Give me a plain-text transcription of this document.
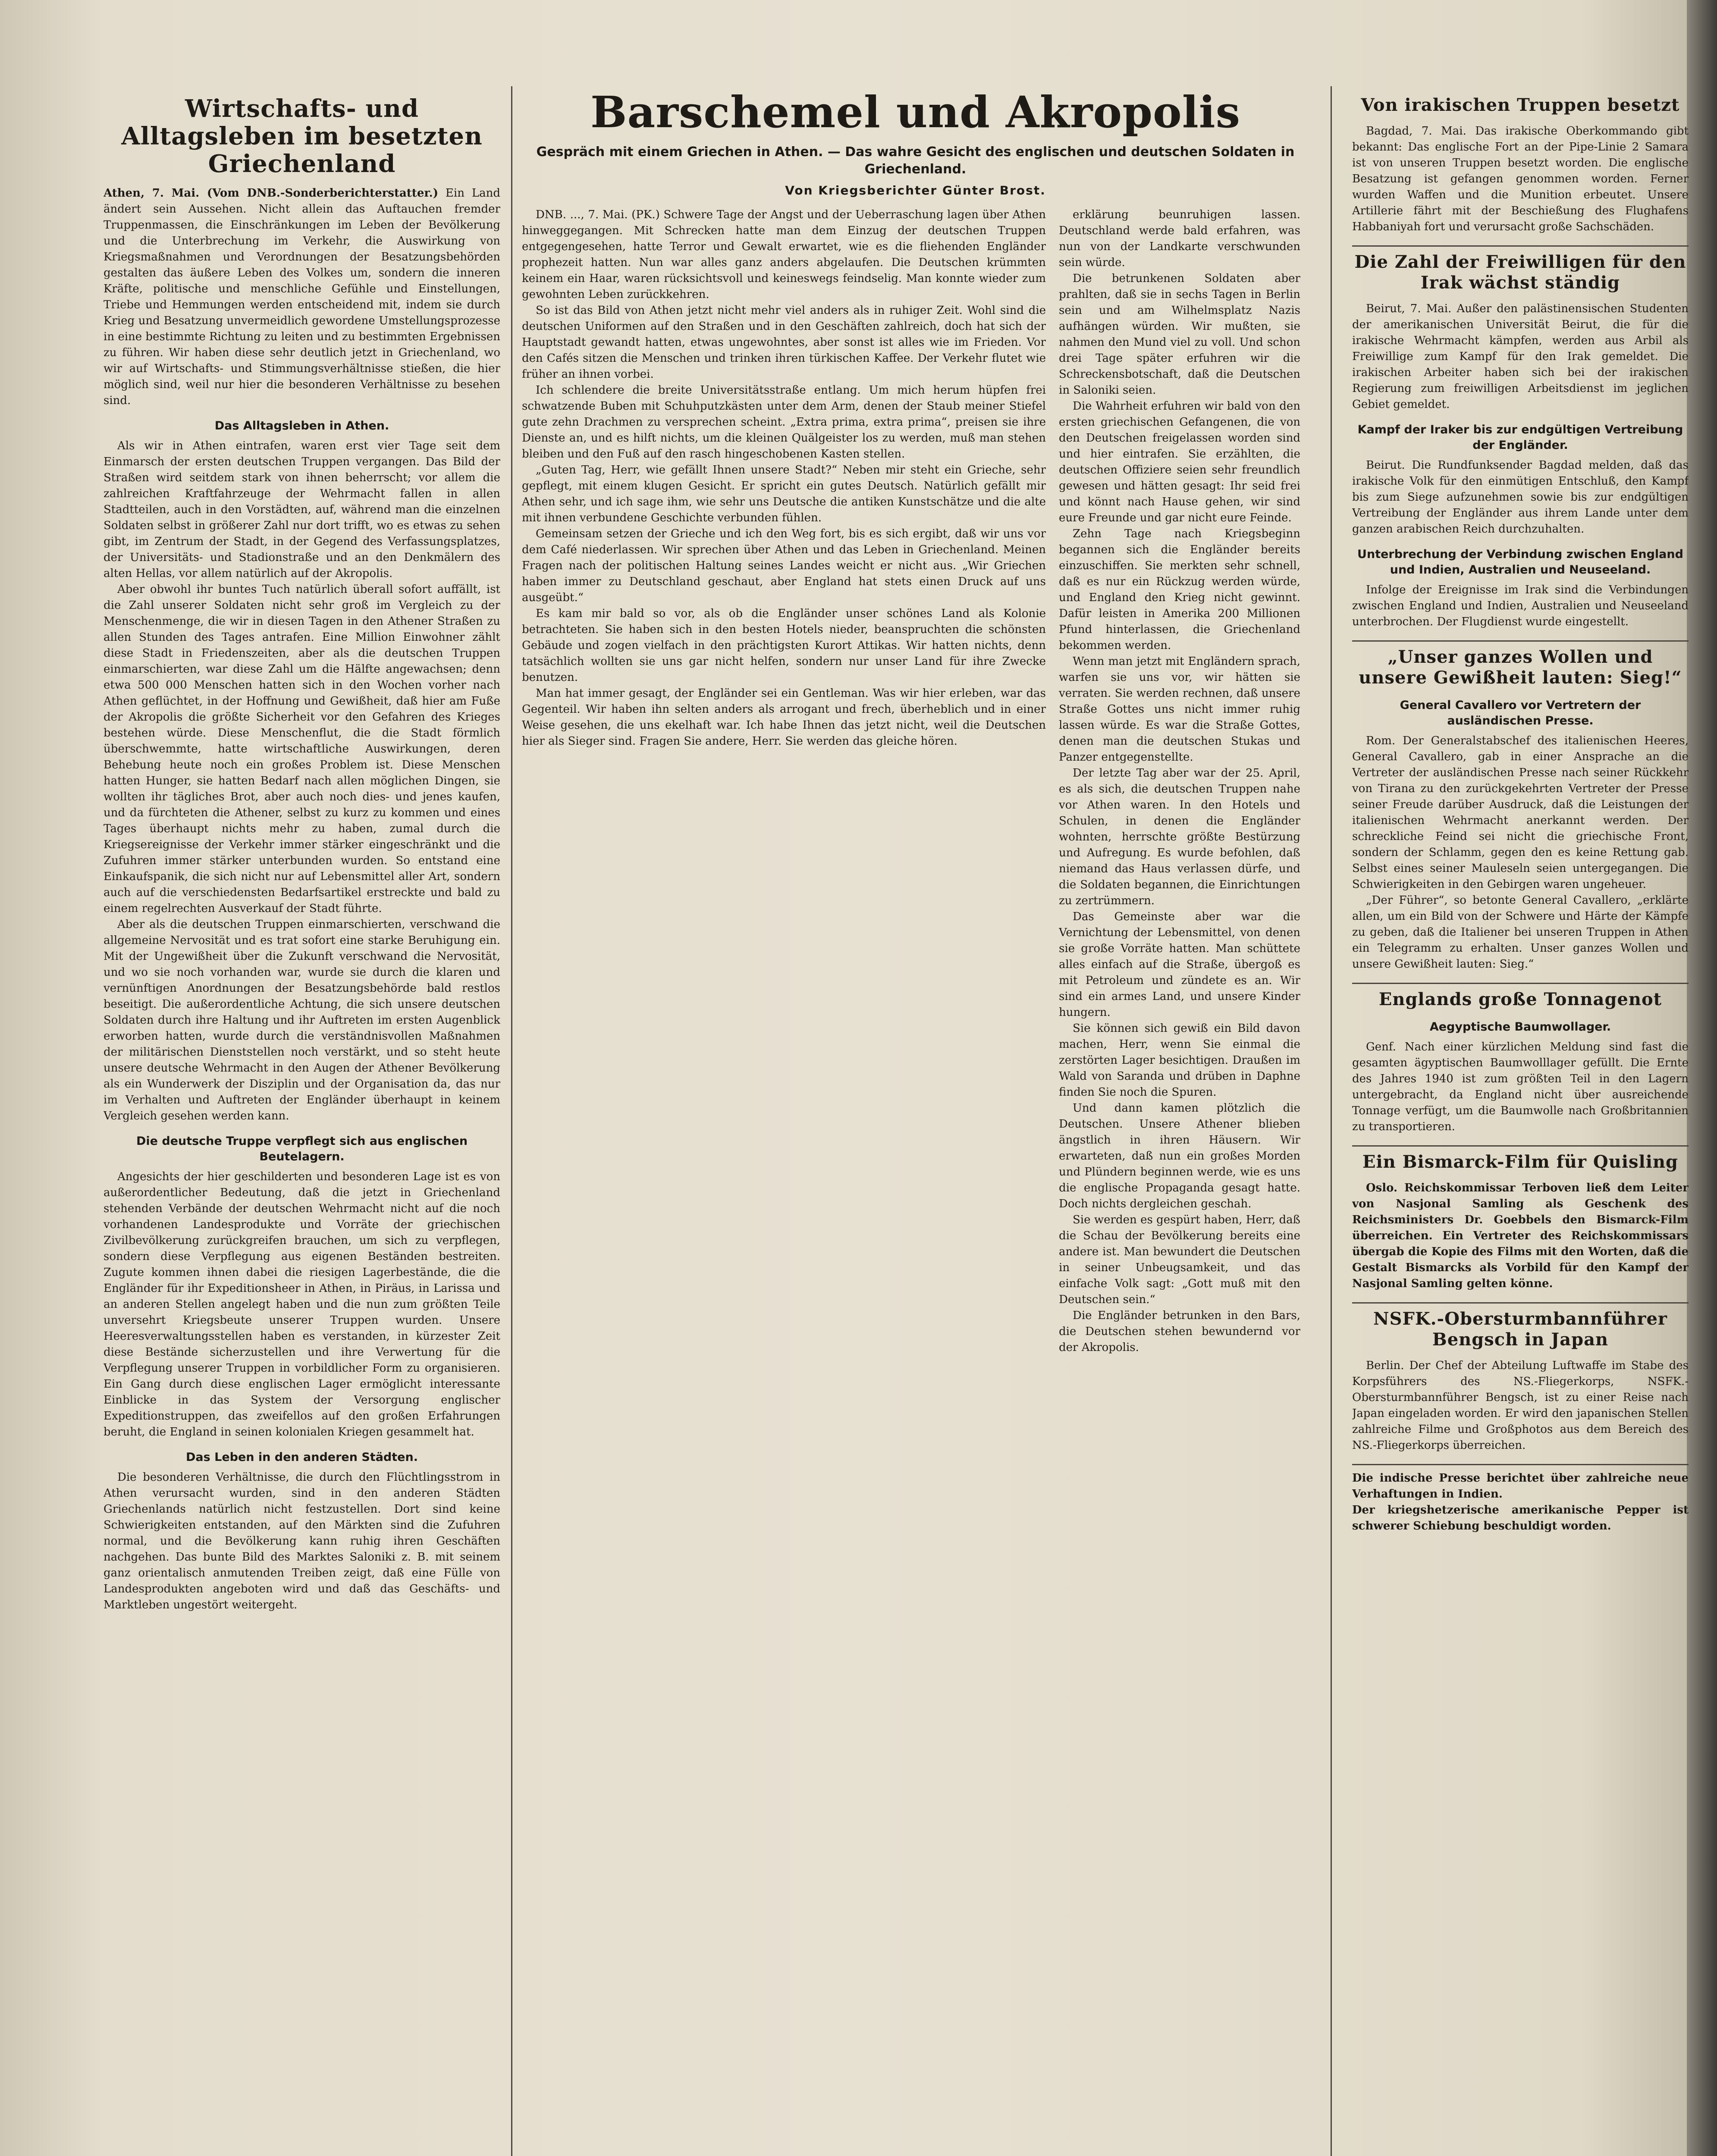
Wirtschafts- und Alltagsleben im besetzten Griechenland

Athen, 7. Mai. (Vom DNB.-Sonderberichterstatter.) Ein Land ändert sein Aussehen. Nicht allein das Auftauchen fremder Truppenmassen, die Einschränkungen im Leben der Bevölkerung und die Unterbrechung im Verkehr, die Auswirkung von Kriegsmaßnahmen und Verordnungen der Besatzungsbehörden gestalten das äußere Leben des Volkes um, sondern die inneren Kräfte, politische und menschliche Gefühle und Einstellungen, Triebe und Hemmungen werden entscheidend mit, indem sie durch Krieg und Besatzung unvermeidlich gewordene Umstellungsprozesse in eine bestimmte Richtung zu leiten und zu bestimmten Ergebnissen zu führen. Wir haben diese sehr deutlich jetzt in Griechenland, wo wir auf Wirtschafts- und Stimmungsverhältnisse stießen, die hier möglich sind, weil nur hier die besonderen Verhältnisse zu besehen sind.

Das Alltagsleben in Athen.

Als wir in Athen eintrafen, waren erst vier Tage seit dem Einmarsch der ersten deutschen Truppen vergangen. Das Bild der Straßen wird seitdem stark von ihnen beherrscht; vor allem die zahlreichen Kraftfahrzeuge der Wehrmacht fallen in allen Stadtteilen, auch in den Vorstädten, auf, während man die einzelnen Soldaten selbst in größerer Zahl nur dort trifft, wo es etwas zu sehen gibt, im Zentrum der Stadt, in der Gegend des Verfassungsplatzes, der Universitäts- und Stadionstraße und an den Denkmälern des alten Hellas, vor allem natürlich auf der Akropolis.

Aber obwohl ihr buntes Tuch natürlich überall sofort auffällt, ist die Zahl unserer Soldaten nicht sehr groß im Vergleich zu der Menschenmenge, die wir in diesen Tagen in den Athener Straßen zu allen Stunden des Tages antrafen. Eine Million Einwohner zählt diese Stadt in Friedenszeiten, aber als die deutschen Truppen einmarschierten, war diese Zahl um die Hälfte angewachsen; denn etwa 500 000 Menschen hatten sich in den Wochen vorher nach Athen geflüchtet, in der Hoffnung und Gewißheit, daß hier am Fuße der Akropolis die größte Sicherheit vor den Gefahren des Krieges bestehen würde. Diese Menschenflut, die die Stadt förmlich überschwemmte, hatte wirtschaftliche Auswirkungen, deren Behebung heute noch ein großes Problem ist. Diese Menschen hatten Hunger, sie hatten Bedarf nach allen möglichen Dingen, sie wollten ihr tägliches Brot, aber auch noch dies- und jenes kaufen, und da fürchteten die Athener, selbst zu kurz zu kommen und eines Tages überhaupt nichts mehr zu haben, zumal durch die Kriegsereignisse der Verkehr immer stärker eingeschränkt und die Zufuhren immer stärker unterbunden wurden. So entstand eine Einkaufspanik, die sich nicht nur auf Lebensmittel aller Art, sondern auch auf die verschiedensten Bedarfsartikel erstreckte und bald zu einem regelrechten Ausverkauf der Stadt führte.

Aber als die deutschen Truppen einmarschierten, verschwand die allgemeine Nervosität und es trat sofort eine starke Beruhigung ein. Mit der Ungewißheit über die Zukunft verschwand die Nervosität, und wo sie noch vorhanden war, wurde sie durch die klaren und vernünftigen Anordnungen der Besatzungsbehörde bald restlos beseitigt. Die außerordentliche Achtung, die sich unsere deutschen Soldaten durch ihre Haltung und ihr Auftreten im ersten Augenblick erworben hatten, wurde durch die verständnisvollen Maßnahmen der militärischen Dienststellen noch verstärkt, und so steht heute unsere deutsche Wehrmacht in den Augen der Athener Bevölkerung als ein Wunderwerk der Disziplin und der Organisation da, das nur im Verhalten und Auftreten der Engländer überhaupt in keinem Vergleich gesehen werden kann.

Die deutsche Truppe verpflegt sich aus englischen Beutelagern.

Angesichts der hier geschilderten und besonderen Lage ist es von außerordentlicher Bedeutung, daß die jetzt in Griechenland stehenden Verbände der deutschen Wehrmacht nicht auf die noch vorhandenen Landesprodukte und Vorräte der griechischen Zivilbevölkerung zurückgreifen brauchen, um sich zu verpflegen, sondern diese Verpflegung aus eigenen Beständen bestreiten. Zugute kommen ihnen dabei die riesigen Lagerbestände, die die Engländer für ihr Expeditionsheer in Athen, in Piräus, in Larissa und an anderen Stellen angelegt haben und die nun zum größten Teile unversehrt Kriegsbeute unserer Truppen wurden. Unsere Heeresverwaltungsstellen haben es verstanden, in kürzester Zeit diese Bestände sicherzustellen und ihre Verwertung für die Verpflegung unserer Truppen in vorbildlicher Form zu organisieren. Ein Gang durch diese englischen Lager ermöglicht interessante Einblicke in das System der Versorgung englischer Expeditionstruppen, das zweifellos auf den großen Erfahrungen beruht, die England in seinen kolonialen Kriegen gesammelt hat.

Das Leben in den anderen Städten.

Die besonderen Verhältnisse, die durch den Flüchtlingsstrom in Athen verursacht wurden, sind in den anderen Städten Griechenlands natürlich nicht festzustellen. Dort sind keine Schwierigkeiten entstanden, auf den Märkten sind die Zufuhren normal, und die Bevölkerung kann ruhig ihren Geschäften nachgehen. Das bunte Bild des Marktes Saloniki z. B. mit seinem ganz orientalisch anmutenden Treiben zeigt, daß eine Fülle von Landesprodukten angeboten wird und daß das Geschäfts- und Marktleben ungestört weitergeht.

Barschemel und Akropolis
Gespräch mit einem Griechen in Athen. — Das wahre Gesicht des englischen und deutschen Soldaten in Griechenland.
Von Kriegsberichter Günter Brost.

DNB. ..., 7. Mai. (PK.) Schwere Tage der Angst und der Ueberraschung lagen über Athen hinweggegangen. Mit Schrecken hatte man dem Einzug der deutschen Truppen entgegengesehen, hatte Terror und Gewalt erwartet, wie es die fliehenden Engländer prophezeit hatten. Nun war alles ganz anders abgelaufen. Die Deutschen krümmten keinem ein Haar, waren rücksichtsvoll und keineswegs feindselig. Man konnte wieder zum gewohnten Leben zurückkehren.

So ist das Bild von Athen jetzt nicht mehr viel anders als in ruhiger Zeit. Wohl sind die deutschen Uniformen auf den Straßen und in den Geschäften zahlreich, doch hat sich der Hauptstadt gewandt hatten, etwas ungewohntes, aber sonst ist alles wie im Frieden. Vor den Cafés sitzen die Menschen und trinken ihren türkischen Kaffee. Der Verkehr flutet wie früher an ihnen vorbei.

Ich schlendere die breite Universitätsstraße entlang. Um mich herum hüpfen frei schwatzende Buben mit Schuhputzkästen unter dem Arm, denen der Staub meiner Stiefel gute zehn Drachmen zu versprechen scheint. „Extra prima, extra prima“, preisen sie ihre Dienste an, und es hilft nichts, um die kleinen Quälgeister los zu werden, muß man stehen bleiben und den Fuß auf den rasch hingeschobenen Kasten stellen.

„Guten Tag, Herr, wie gefällt Ihnen unsere Stadt?“ Neben mir steht ein Grieche, sehr gepflegt, mit einem klugen Gesicht. Er spricht ein gutes Deutsch. Natürlich gefällt mir Athen sehr, und ich sage ihm, wie sehr uns Deutsche die antiken Kunstschätze und die alte mit ihnen verbundene Geschichte verbunden fühlen.

Gemeinsam setzen der Grieche und ich den Weg fort, bis es sich ergibt, daß wir uns vor dem Café niederlassen. Wir sprechen über Athen und das Leben in Griechenland. Meinen Fragen nach der politischen Haltung seines Landes weicht er nicht aus. „Wir Griechen haben immer zu Deutschland geschaut, aber England hat stets einen Druck auf uns ausgeübt.“

Es kam mir bald so vor, als ob die Engländer unser schönes Land als Kolonie betrachteten. Sie haben sich in den besten Hotels nieder, beanspruchten die schönsten Gebäude und zogen vielfach in den prächtigsten Kurort Attikas. Wir hatten nichts, denn tatsächlich wollten sie uns gar nicht helfen, sondern nur unser Land für ihre Zwecke benutzen.

Man hat immer gesagt, der Engländer sei ein Gentleman. Was wir hier erleben, war das Gegenteil. Wir haben ihn selten anders als arrogant und frech, überheblich und in einer Weise gesehen, die uns ekelhaft war. Ich habe Ihnen das jetzt nicht, weil die Deutschen hier als Sieger sind. Fragen Sie andere, Herr. Sie werden das gleiche hören.

erklärung beunruhigen lassen. Deutschland werde bald erfahren, was nun von der Landkarte verschwunden sein würde.

Die betrunkenen Soldaten aber prahlten, daß sie in sechs Tagen in Berlin sein und am Wilhelmsplatz Nazis aufhängen würden. Wir mußten, sie nahmen den Mund viel zu voll. Und schon drei Tage später erfuhren wir die Schreckensbotschaft, daß die Deutschen in Saloniki seien.

Die Wahrheit erfuhren wir bald von den ersten griechischen Gefangenen, die von den Deutschen freigelassen worden sind und hier eintrafen. Sie erzählten, die deutschen Offiziere seien sehr freundlich gewesen und hätten gesagt: Ihr seid frei und könnt nach Hause gehen, wir sind eure Freunde und gar nicht eure Feinde.

Zehn Tage nach Kriegsbeginn begannen sich die Engländer bereits einzuschiffen. Sie merkten sehr schnell, daß es nur ein Rückzug werden würde, und England den Krieg nicht gewinnt. Dafür leisten in Amerika 200 Millionen Pfund hinterlassen, die Griechenland bekommen werden.

Wenn man jetzt mit Engländern sprach, warfen sie uns vor, wir hätten sie verraten. Sie werden rechnen, daß unsere Straße Gottes uns nicht immer ruhig lassen würde. Es war die Straße Gottes, denen man die deutschen Stukas und Panzer entgegenstellte.

Der letzte Tag aber war der 25. April, es als sich, die deutschen Truppen nahe vor Athen waren. In den Hotels und Schulen, in denen die Engländer wohnten, herrschte größte Bestürzung und Aufregung. Es wurde befohlen, daß niemand das Haus verlassen dürfe, und die Soldaten begannen, die Einrichtungen zu zertrümmern.

Das Gemeinste aber war die Vernichtung der Lebensmittel, von denen sie große Vorräte hatten. Man schüttete alles einfach auf die Straße, übergoß es mit Petroleum und zündete es an. Wir sind ein armes Land, und unsere Kinder hungern.

Sie können sich gewiß ein Bild davon machen, Herr, wenn Sie einmal die zerstörten Lager besichtigen. Draußen im Wald von Saranda und drüben in Daphne finden Sie noch die Spuren.

Und dann kamen plötzlich die Deutschen. Unsere Athener blieben ängstlich in ihren Häusern. Wir erwarteten, daß nun ein großes Morden und Plündern beginnen werde, wie es uns die englische Propaganda gesagt hatte. Doch nichts dergleichen geschah.

Sie werden es gespürt haben, Herr, daß die Schau der Bevölkerung bereits eine andere ist. Man bewundert die Deutschen in seiner Unbeugsamkeit, und das einfache Volk sagt: „Gott muß mit den Deutschen sein.“

Die Engländer betrunken in den Bars, die Deutschen stehen bewundernd vor der Akropolis.

Von irakischen Truppen besetzt

Bagdad, 7. Mai. Das irakische Oberkommando gibt bekannt: Das englische Fort an der Pipe-Linie 2 Samara ist von unseren Truppen besetzt worden. Die englische Besatzung ist gefangen genommen worden. Ferner wurden Waffen und die Munition erbeutet. Unsere Artillerie fährt mit der Beschießung des Flughafens Habbaniyah fort und verursacht große Sachschäden.

Die Zahl der Freiwilligen für den Irak wächst ständig

Beirut, 7. Mai. Außer den palästinensischen Studenten der amerikanischen Universität Beirut, die für die irakische Wehrmacht kämpfen, werden aus Arbil als Freiwillige zum Kampf für den Irak gemeldet. Die irakischen Arbeiter haben sich bei der irakischen Regierung zum freiwilligen Arbeitsdienst im jeglichen Gebiet gemeldet.

Kampf der Iraker bis zur endgültigen Vertreibung der Engländer.

Beirut. Die Rundfunksender Bagdad melden, daß das irakische Volk für den einmütigen Entschluß, den Kampf bis zum Siege aufzunehmen sowie bis zur endgültigen Vertreibung der Engländer aus ihrem Lande unter dem ganzen arabischen Reich durchzuhalten.

Unterbrechung der Verbindung zwischen England und Indien, Australien und Neuseeland.

Infolge der Ereignisse im Irak sind die Verbindungen zwischen England und Indien, Australien und Neuseeland unterbrochen. Der Flugdienst wurde eingestellt.

„Unser ganzes Wollen und unsere Gewißheit lauten: Sieg!“
General Cavallero vor Vertretern der ausländischen Presse.

Rom. Der Generalstabschef des italienischen Heeres, General Cavallero, gab in einer Ansprache an die Vertreter der ausländischen Presse nach seiner Rückkehr von Tirana zu den zurückgekehrten Vertreter der Presse seiner Freude darüber Ausdruck, daß die Leistungen der italienischen Wehrmacht anerkannt werden. Der schreckliche Feind sei nicht die griechische Front, sondern der Schlamm, gegen den es keine Rettung gab. Selbst eines seiner Mauleseln seien untergegangen. Die Schwierigkeiten in den Gebirgen waren ungeheuer.

„Der Führer“, so betonte General Cavallero, „erklärte allen, um ein Bild von der Schwere und Härte der Kämpfe zu geben, daß die Italiener bei unseren Truppen in Athen ein Telegramm zu erhalten. Unser ganzes Wollen und unsere Gewißheit lauten: Sieg.“

Englands große Tonnagenot
Aegyptische Baumwollager.

Genf. Nach einer kürzlichen Meldung sind fast die gesamten ägyptischen Baumwolllager gefüllt. Die Ernte des Jahres 1940 ist zum größten Teil in den Lagern untergebracht, da England nicht über ausreichende Tonnage verfügt, um die Baumwolle nach Großbritannien zu transportieren.

Ein Bismarck-Film für Quisling

Oslo. Reichskommissar Terboven ließ dem Leiter von Nasjonal Samling als Geschenk des Reichsministers Dr. Goebbels den Bismarck-Film überreichen. Ein Vertreter des Reichskommissars übergab die Kopie des Films mit den Worten, daß die Gestalt Bismarcks als Vorbild für den Kampf der Nasjonal Samling gelten könne.

NSFK.-Obersturmbannführer Bengsch in Japan

Berlin. Der Chef der Abteilung Luftwaffe im Stabe des Korpsführers des NS.-Fliegerkorps, NSFK.-Obersturmbannführer Bengsch, ist zu einer Reise nach Japan eingeladen worden. Er wird den japanischen Stellen zahlreiche Filme und Großphotos aus dem Bereich des NS.-Fliegerkorps überreichen.

Die indische Presse berichtet über zahlreiche neue Verhaftungen in Indien.

Der kriegshetzerische amerikanische Pepper ist schwerer Schiebung beschuldigt worden.
